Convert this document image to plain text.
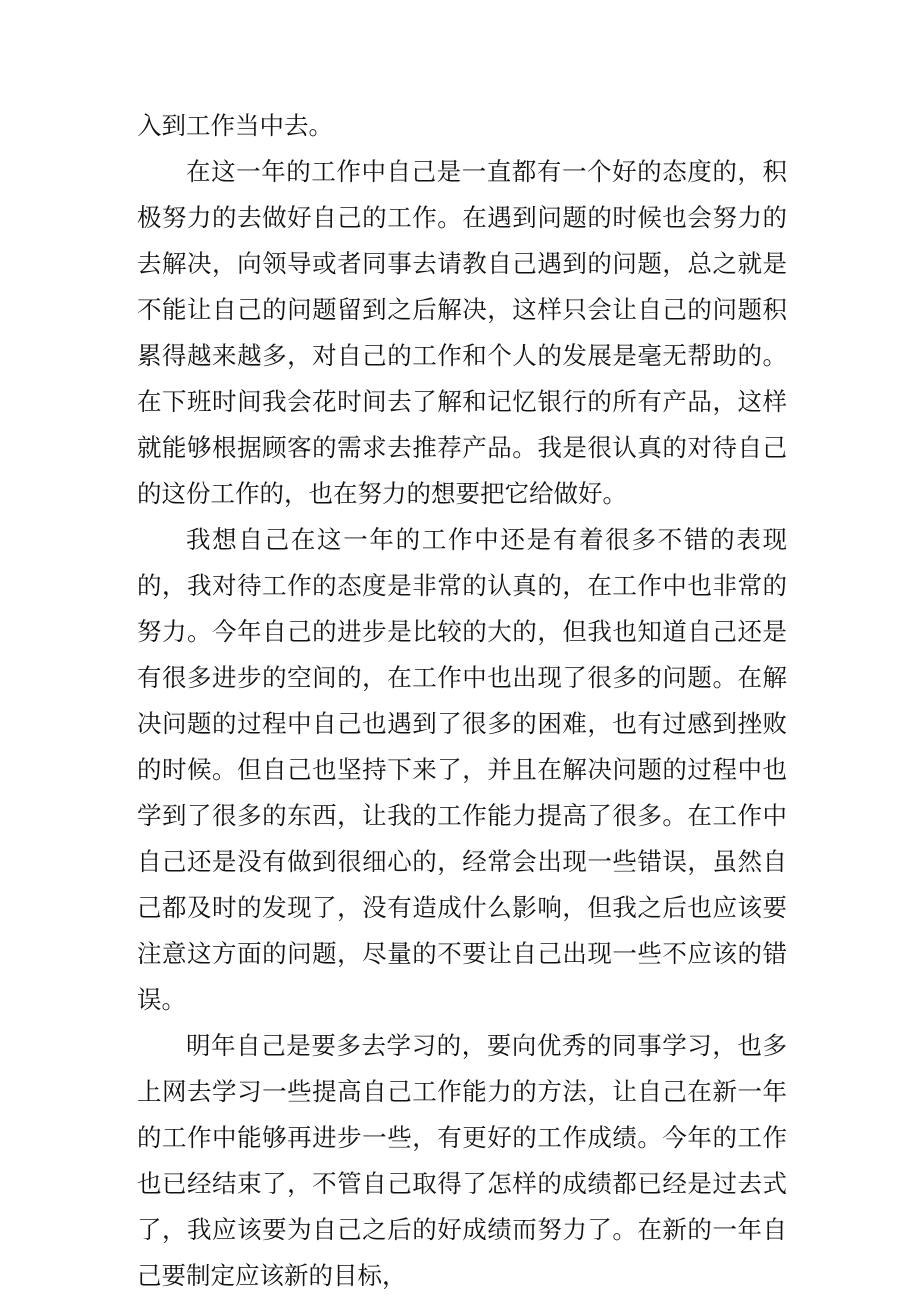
入到工作当中去。

在这一年的工作中自己是一直都有一个好的态度的，积极努力的去做好自己的工作。在遇到问题的时候也会努力的去解决，向领导或者同事去请教自己遇到的问题，总之就是不能让自己的问题留到之后解决，这样只会让自己的问题积累得越来越多，对自己的工作和个人的发展是毫无帮助的。在下班时间我会花时间去了解和记忆银行的所有产品，这样就能够根据顾客的需求去推荐产品。我是很认真的对待自己的这份工作的，也在努力的想要把它给做好。

我想自己在这一年的工作中还是有着很多不错的表现的，我对待工作的态度是非常的认真的，在工作中也非常的努力。今年自己的进步是比较的大的，但我也知道自己还是有很多进步的空间的，在工作中也出现了很多的问题。在解决问题的过程中自己也遇到了很多的困难，也有过感到挫败的时候。但自己也坚持下来了，并且在解决问题的过程中也学到了很多的东西，让我的工作能力提高了很多。在工作中自己还是没有做到很细心的，经常会出现一些错误，虽然自己都及时的发现了，没有造成什么影响，但我之后也应该要注意这方面的问题，尽量的不要让自己出现一些不应该的错误。

明年自己是要多去学习的，要向优秀的同事学习，也多上网去学习一些提高自己工作能力的方法，让自己在新一年的工作中能够再进步一些，有更好的工作成绩。今年的工作也已经结束了，不管自己取得了怎样的成绩都已经是过去式了，我应该要为自己之后的好成绩而努力了。在新的一年自己要制定应该新的目标，
